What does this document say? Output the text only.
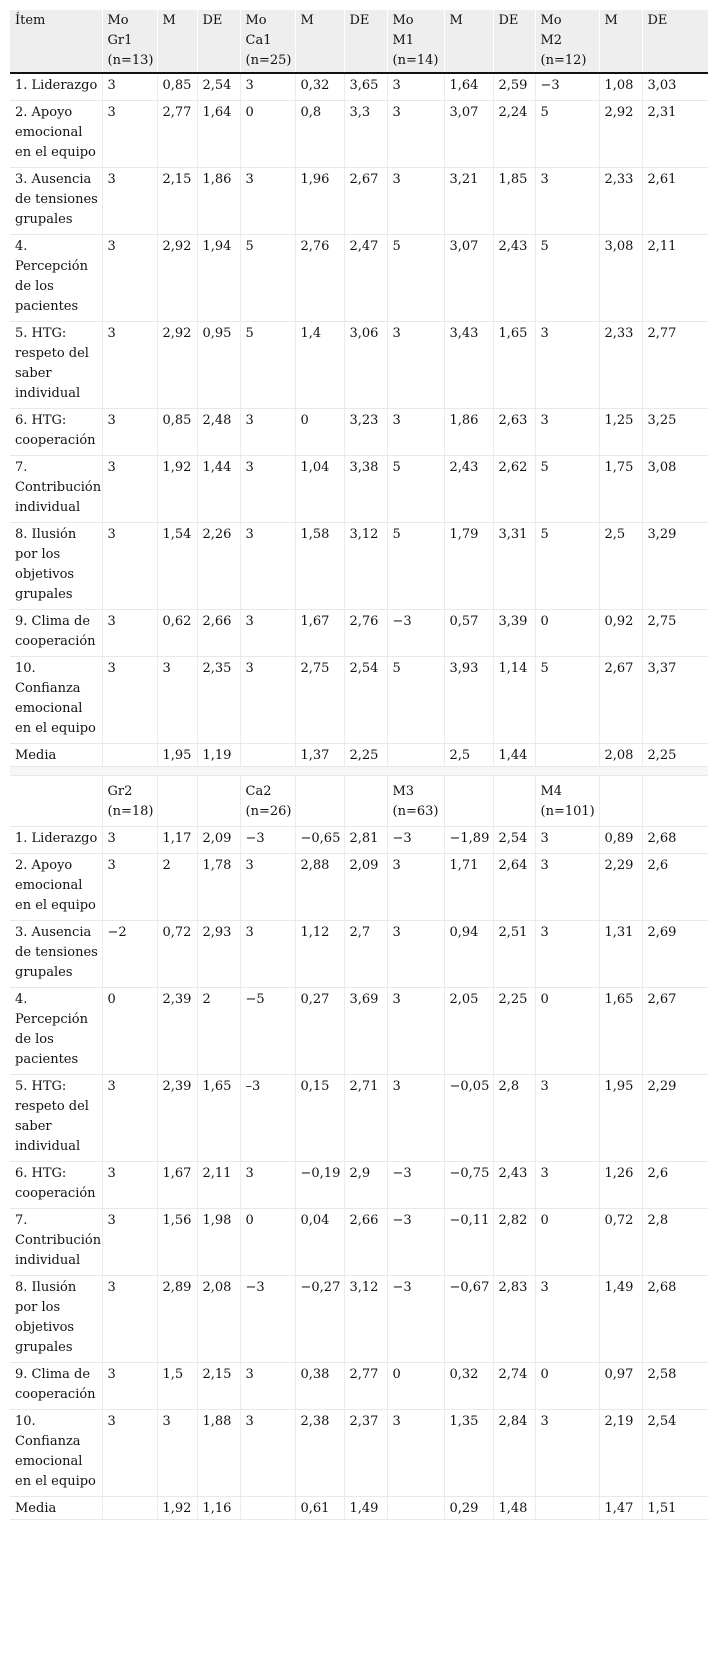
Ítem	Mo
Gr1
(n=13)	M	DE	Mo
Ca1
(n=25)	M	DE	Mo
M1
(n=14)	M	DE	Mo
M2
(n=12)	M	DE
1. Liderazgo	3	0,85	2,54	3	0,32	3,65	3	1,64	2,59	−3	1,08	3,03
2. Apoyo emocional en el equipo	3	2,77	1,64	0	0,8	3,3	3	3,07	2,24	5	2,92	2,31
3. Ausencia de tensiones grupales	3	2,15	1,86	3	1,96	2,67	3	3,21	1,85	3	2,33	2,61
4. Percepción de los pacientes	3	2,92	1,94	5	2,76	2,47	5	3,07	2,43	5	3,08	2,11
5. HTG: respeto del saber individual	3	2,92	0,95	5	1,4	3,06	3	3,43	1,65	3	2,33	2,77
6. HTG: cooperación	3	0,85	2,48	3	0	3,23	3	1,86	2,63	3	1,25	3,25
7. Contribución individual	3	1,92	1,44	3	1,04	3,38	5	2,43	2,62	5	1,75	3,08
8. Ilusión por los objetivos grupales	3	1,54	2,26	3	1,58	3,12	5	1,79	3,31	5	2,5	3,29
9. Clima de cooperación	3	0,62	2,66	3	1,67	2,76	−3	0,57	3,39	0	0,92	2,75
10. Confianza emocional en el equipo	3	3	2,35	3	2,75	2,54	5	3,93	1,14	5	2,67	3,37
Media		1,95	1,19		1,37	2,25		2,5	1,44		2,08	2,25

	Gr2
(n=18)			Ca2
(n=26)			M3
(n=63)			M4
(n=101)		
1. Liderazgo	3	1,17	2,09	−3	−0,65	2,81	−3	−1,89	2,54	3	0,89	2,68
2. Apoyo emocional en el equipo	3	2	1,78	3	2,88	2,09	3	1,71	2,64	3	2,29	2,6
3. Ausencia de tensiones grupales	−2	0,72	2,93	3	1,12	2,7	3	0,94	2,51	3	1,31	2,69
4. Percepción de los pacientes	0	2,39	2	−5	0,27	3,69	3	2,05	2,25	0	1,65	2,67
5. HTG: respeto del saber individual	3	2,39	1,65	–3	0,15	2,71	3	−0,05	2,8	3	1,95	2,29
6. HTG: cooperación	3	1,67	2,11	3	−0,19	2,9	−3	−0,75	2,43	3	1,26	2,6
7. Contribución individual	3	1,56	1,98	0	0,04	2,66	−3	−0,11	2,82	0	0,72	2,8
8. Ilusión por los objetivos grupales	3	2,89	2,08	−3	−0,27	3,12	−3	−0,67	2,83	3	1,49	2,68
9. Clima de cooperación	3	1,5	2,15	3	0,38	2,77	0	0,32	2,74	0	0,97	2,58
10. Confianza emocional en el equipo	3	3	1,88	3	2,38	2,37	3	1,35	2,84	3	2,19	2,54
Media		1,92	1,16		0,61	1,49		0,29	1,48		1,47	1,51
